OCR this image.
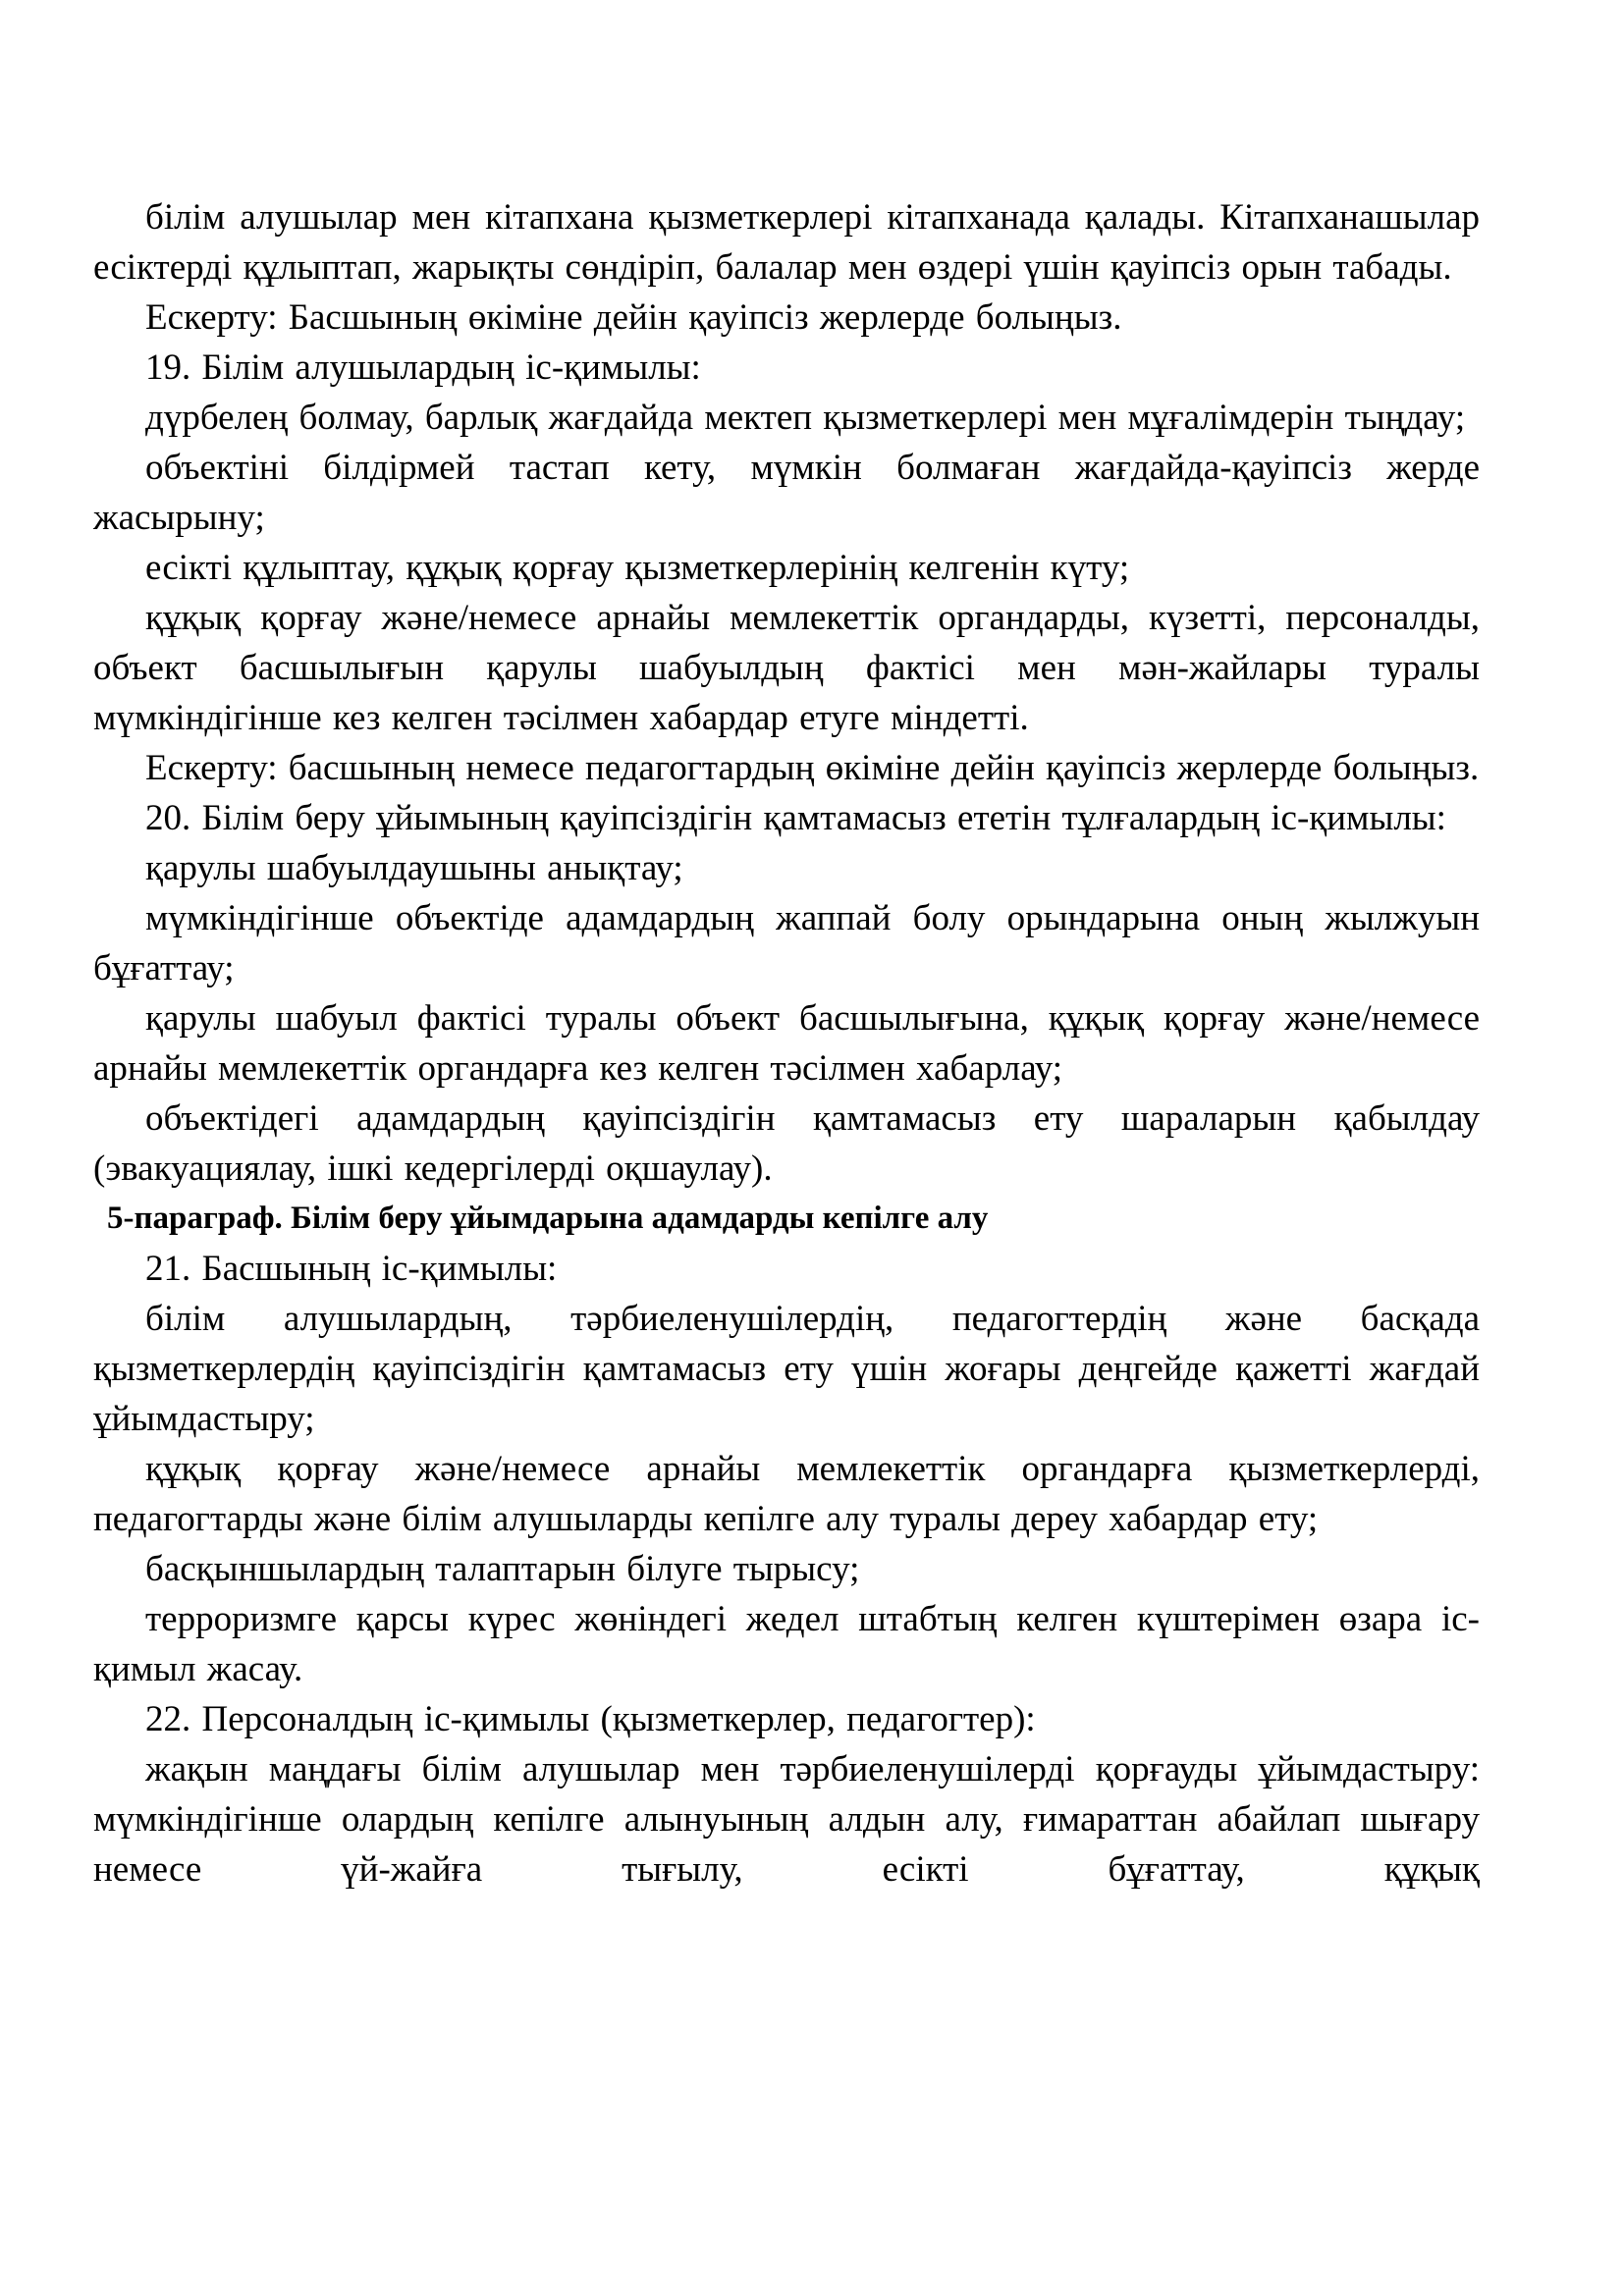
білім алушылар мен кітапхана қызметкерлері кітапханада қалады. Кітапханашылар есіктерді құлыптап, жарықты сөндіріп, балалар мен өздері үшін қауіпсіз орын табады.

Ескерту: Басшының өкіміне дейін қауіпсіз жерлерде болыңыз.

19. Білім алушылардың іс-қимылы:

дүрбелең болмау, барлық жағдайда мектеп қызметкерлері мен мұғалімдерін тыңдау;

объектіні білдірмей тастап кету, мүмкін болмаған жағдайда-қауіпсіз жерде жасырыну;

есікті құлыптау, құқық қорғау қызметкерлерінің келгенін күту;

құқық қорғау және/немесе арнайы мемлекеттік органдарды, күзетті, персоналды, объект басшылығын қарулы шабуылдың фактісі мен мән-жайлары туралы мүмкіндігінше кез келген тәсілмен хабардар етуге міндетті.

Ескерту: басшының немесе педагогтардың өкіміне дейін қауіпсіз жерлерде болыңыз.

20. Білім беру ұйымының қауіпсіздігін қамтамасыз ететін тұлғалардың іс-қимылы:

қарулы шабуылдаушыны анықтау;

мүмкіндігінше объектіде адамдардың жаппай болу орындарына оның жылжуын бұғаттау;

қарулы шабуыл фактісі туралы объект басшылығына, құқық қорғау және/немесе арнайы мемлекеттік органдарға кез келген тәсілмен хабарлау;

объектідегі адамдардың қауіпсіздігін қамтамасыз ету шараларын қабылдау (эвакуациялау, ішкі кедергілерді оқшаулау).

5-параграф. Білім беру ұйымдарына адамдарды кепілге алу

21. Басшының іс-қимылы:

білім алушылардың, тәрбиеленушілердің, педагогтердің және басқада қызметкерлердің қауіпсіздігін қамтамасыз ету үшін жоғары деңгейде қажетті жағдай ұйымдастыру;

құқық қорғау және/немесе арнайы мемлекеттік органдарға қызметкерлерді, педагогтарды және білім алушыларды кепілге алу туралы дереу хабардар ету;

басқыншылардың талаптарын білуге тырысу;

терроризмге қарсы күрес жөніндегі жедел штабтың келген күштерімен өзара іс-қимыл жасау.

22. Персоналдың іс-қимылы (қызметкерлер, педагогтер):

жақын маңдағы білім алушылар мен тәрбиеленушілерді қорғауды ұйымдастыру: мүмкіндігінше олардың кепілге алынуының алдын алу, ғимараттан абайлап шығару немесе үй-жайға тығылу, есікті бұғаттау, құқық
